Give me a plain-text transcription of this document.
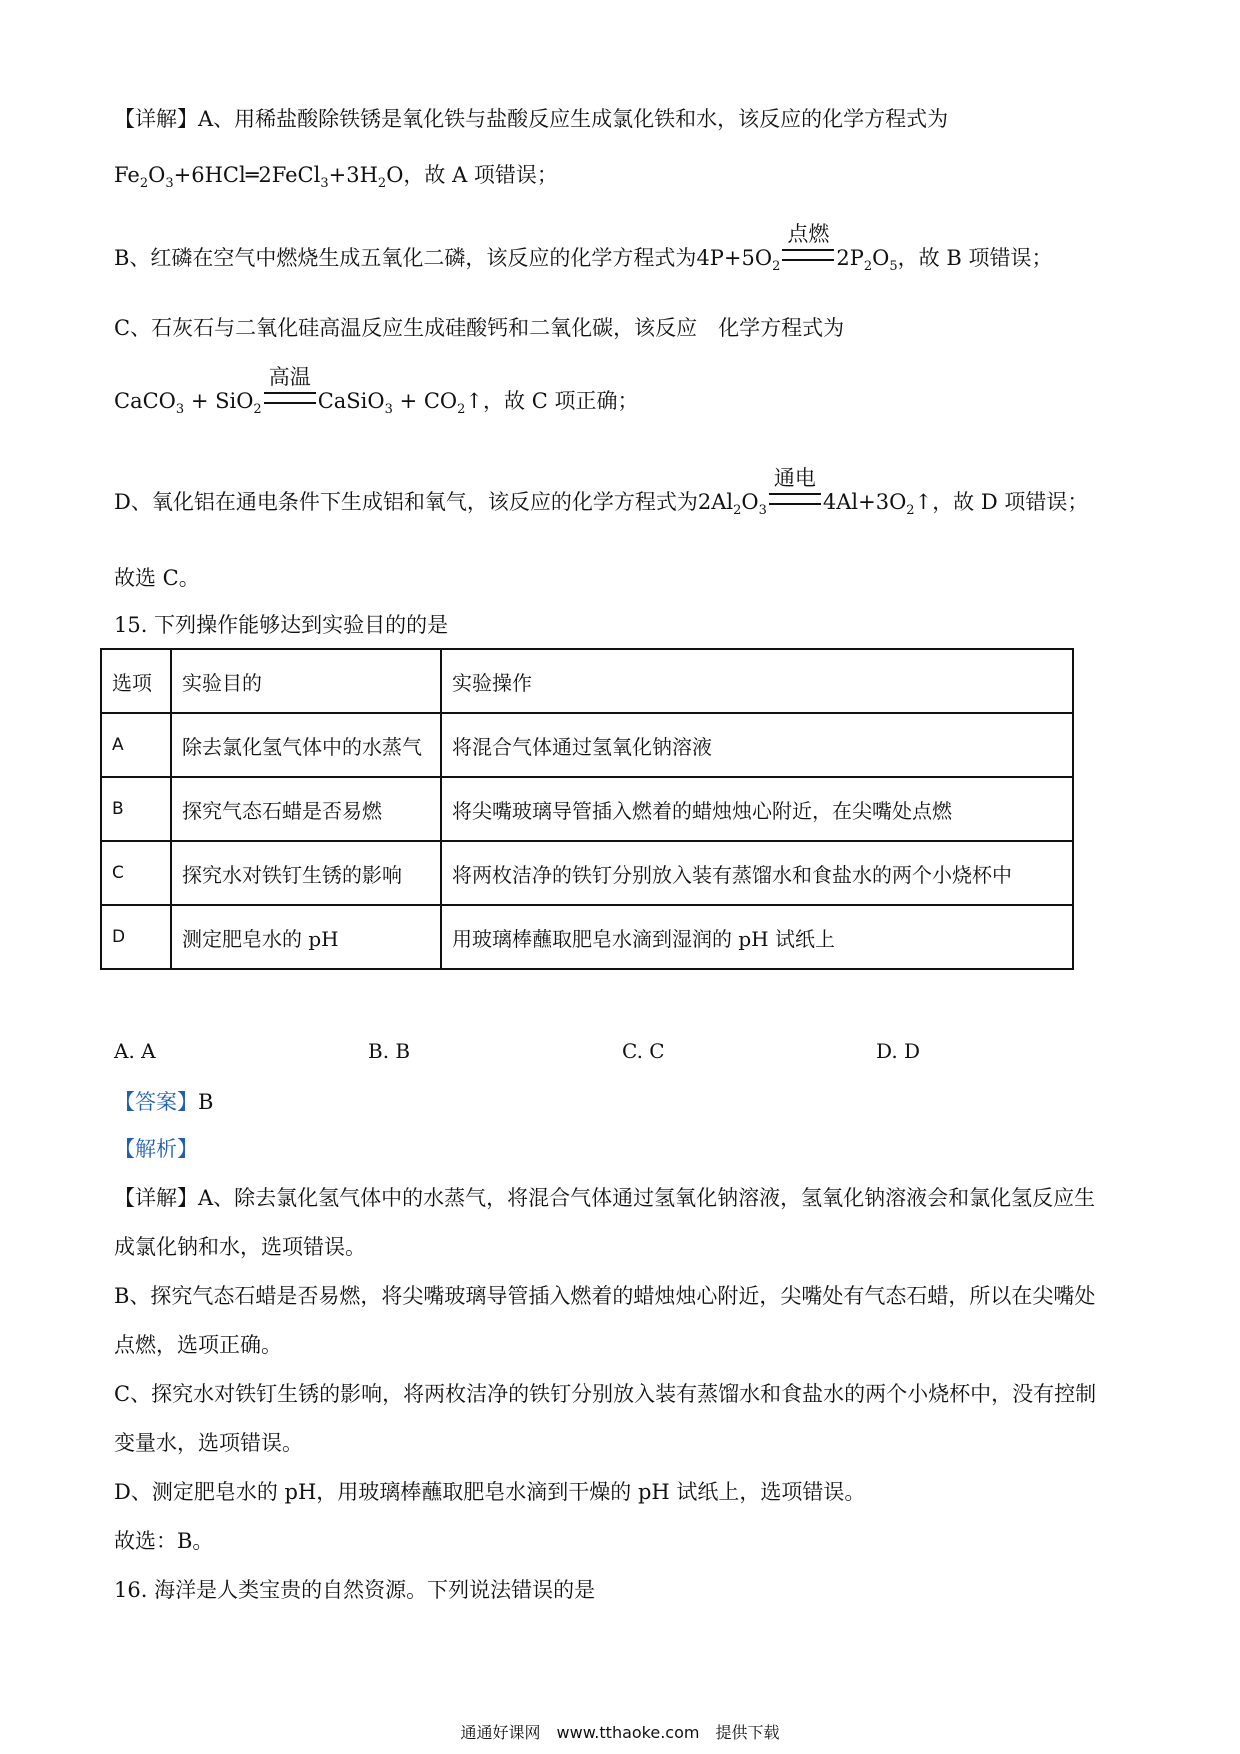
【详解】A、用稀盐酸除铁锈是氧化铁与盐酸反应生成氯化铁和水，该反应的化学方程式为
$Fe_2O_3+6HCl═2FeCl_3+3H_2O$，故 A 项错误；
B、红磷在空气中燃烧生成五氧化二磷，该反应的化学方程式为$4P+5O_2$
点燃
$2P_2O_5$，故 B 项错误；
C、石灰石与二氧化硅高温反应生成硅酸钙和二氧化碳，该反应　化学方程式为
CaCO$_3$ + SiO$_2$
高温
CaSiO$_3$ + $CO_2↑$，故 C 项正确；
D、氧化铝在通电条件下生成铝和氧气，该反应的化学方程式为$2Al_2O_3$
通电
$4Al+3O_2↑$，故 D 项错误；
故选 C。
15. 下列操作能够达到实验目的的是
选项	实验目的	实验操作
A	除去氯化氢气体中的水蒸气	将混合气体通过氢氧化钠溶液
B	探究气态石蜡是否易燃	将尖嘴玻璃导管插入燃着的蜡烛烛心附近，在尖嘴处点燃
C	探究水对铁钉生锈的影响	将两枚洁净的铁钉分别放入装有蒸馏水和食盐水的两个小烧杯中
D	测定肥皂水的 pH	用玻璃棒蘸取肥皂水滴到湿润的 pH 试纸上
A. A	B. B	C. C	D. D
【答案】B
【解析】
【详解】A、除去氯化氢气体中的水蒸气，将混合气体通过氢氧化钠溶液，氢氧化钠溶液会和氯化氢反应生
成氯化钠和水，选项错误。
B、探究气态石蜡是否易燃，将尖嘴玻璃导管插入燃着的蜡烛烛心附近，尖嘴处有气态石蜡，所以在尖嘴处
点燃，选项正确。
C、探究水对铁钉生锈的影响，将两枚洁净的铁钉分别放入装有蒸馏水和食盐水的两个小烧杯中，没有控制
变量水，选项错误。
D、测定肥皂水的 pH，用玻璃棒蘸取肥皂水滴到干燥的 pH 试纸上，选项错误。
故选：B。
16. 海洋是人类宝贵的自然资源。下列说法错误的是
通通好课网　www.tthaoke.com　提供下载
